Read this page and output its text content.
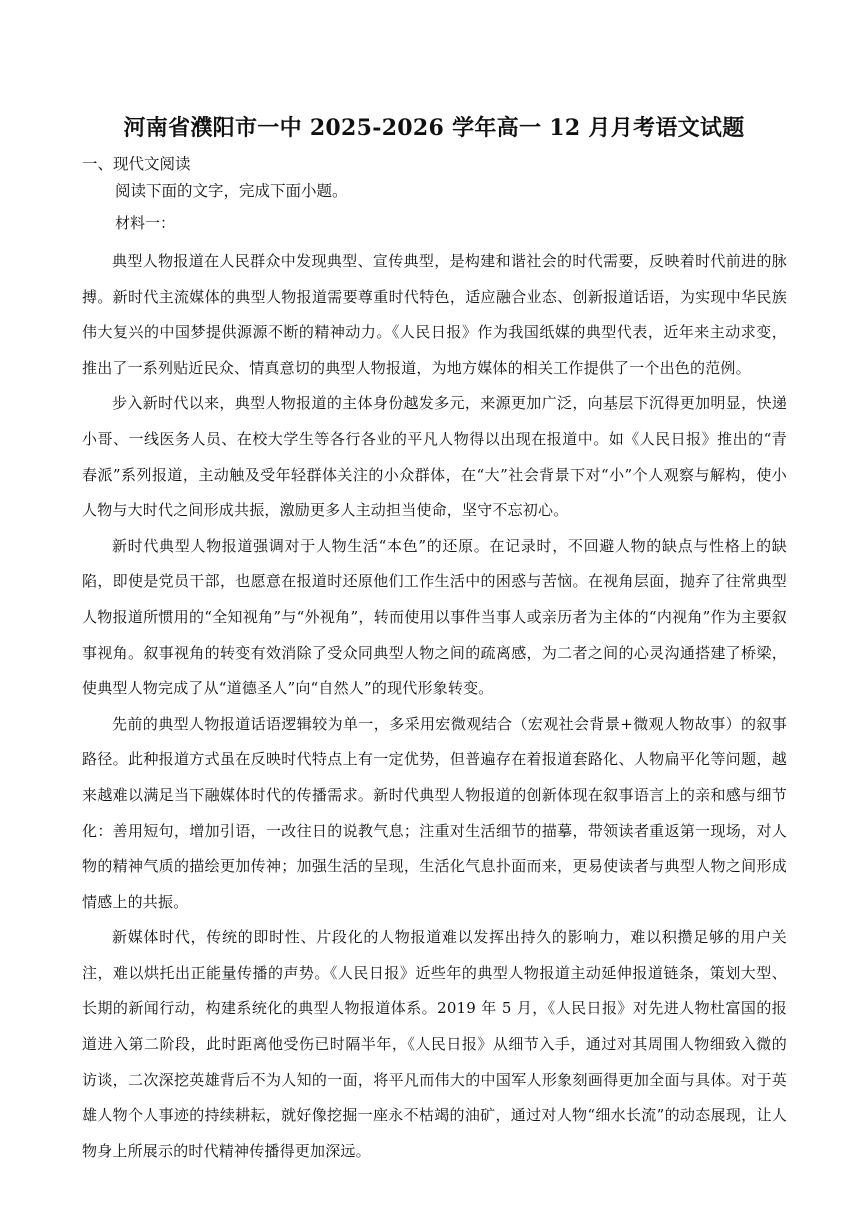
河南省濮阳市一中 2025-2026 学年高一 12 月月考语文试题
一、现代文阅读
阅读下面的文字，完成下面小题。
材料一：

典型人物报道在人民群众中发现典型、宣传典型，是构建和谐社会的时代需要，反映着时代前进的脉搏。新时代主流媒体的典型人物报道需要尊重时代特色，适应融合业态、创新报道话语，为实现中华民族伟大复兴的中国梦提供源源不断的精神动力。《人民日报》作为我国纸媒的典型代表，近年来主动求变，推出了一系列贴近民众、情真意切的典型人物报道，为地方媒体的相关工作提供了一个出色的范例。

步入新时代以来，典型人物报道的主体身份越发多元，来源更加广泛，向基层下沉得更加明显，快递小哥、一线医务人员、在校大学生等各行各业的平凡人物得以出现在报道中。如《人民日报》推出的“青春派”系列报道，主动触及受年轻群体关注的小众群体，在“大”社会背景下对“小”个人观察与解构，使小人物与大时代之间形成共振，激励更多人主动担当使命，坚守不忘初心。

新时代典型人物报道强调对于人物生活“本色”的还原。在记录时，不回避人物的缺点与性格上的缺陷，即使是党员干部，也愿意在报道时还原他们工作生活中的困惑与苦恼。在视角层面，抛弃了往常典型人物报道所惯用的“全知视角”与“外视角”，转而使用以事件当事人或亲历者为主体的“内视角”作为主要叙事视角。叙事视角的转变有效消除了受众同典型人物之间的疏离感，为二者之间的心灵沟通搭建了桥梁，使典型人物完成了从“道德圣人”向“自然人”的现代形象转变。

先前的典型人物报道话语逻辑较为单一，多采用宏微观结合（宏观社会背景+微观人物故事）的叙事路径。此种报道方式虽在反映时代特点上有一定优势，但普遍存在着报道套路化、人物扁平化等问题，越来越难以满足当下融媒体时代的传播需求。新时代典型人物报道的创新体现在叙事语言上的亲和感与细节化：善用短句，增加引语，一改往日的说教气息；注重对生活细节的描摹，带领读者重返第一现场，对人物的精神气质的描绘更加传神；加强生活的呈现，生活化气息扑面而来，更易使读者与典型人物之间形成情感上的共振。

新媒体时代，传统的即时性、片段化的人物报道难以发挥出持久的影响力，难以积攒足够的用户关注，难以烘托出正能量传播的声势。《人民日报》近些年的典型人物报道主动延伸报道链条，策划大型、长期的新闻行动，构建系统化的典型人物报道体系。2019 年 5 月，《人民日报》对先进人物杜富国的报道进入第二阶段，此时距离他受伤已时隔半年，《人民日报》从细节入手，通过对其周围人物细致入微的访谈，二次深挖英雄背后不为人知的一面，将平凡而伟大的中国军人形象刻画得更加全面与具体。对于英雄人物个人事迹的持续耕耘，就好像挖掘一座永不枯竭的油矿，通过对人物“细水长流”的动态展现，让人物身上所展示的时代精神传播得更加深远。
